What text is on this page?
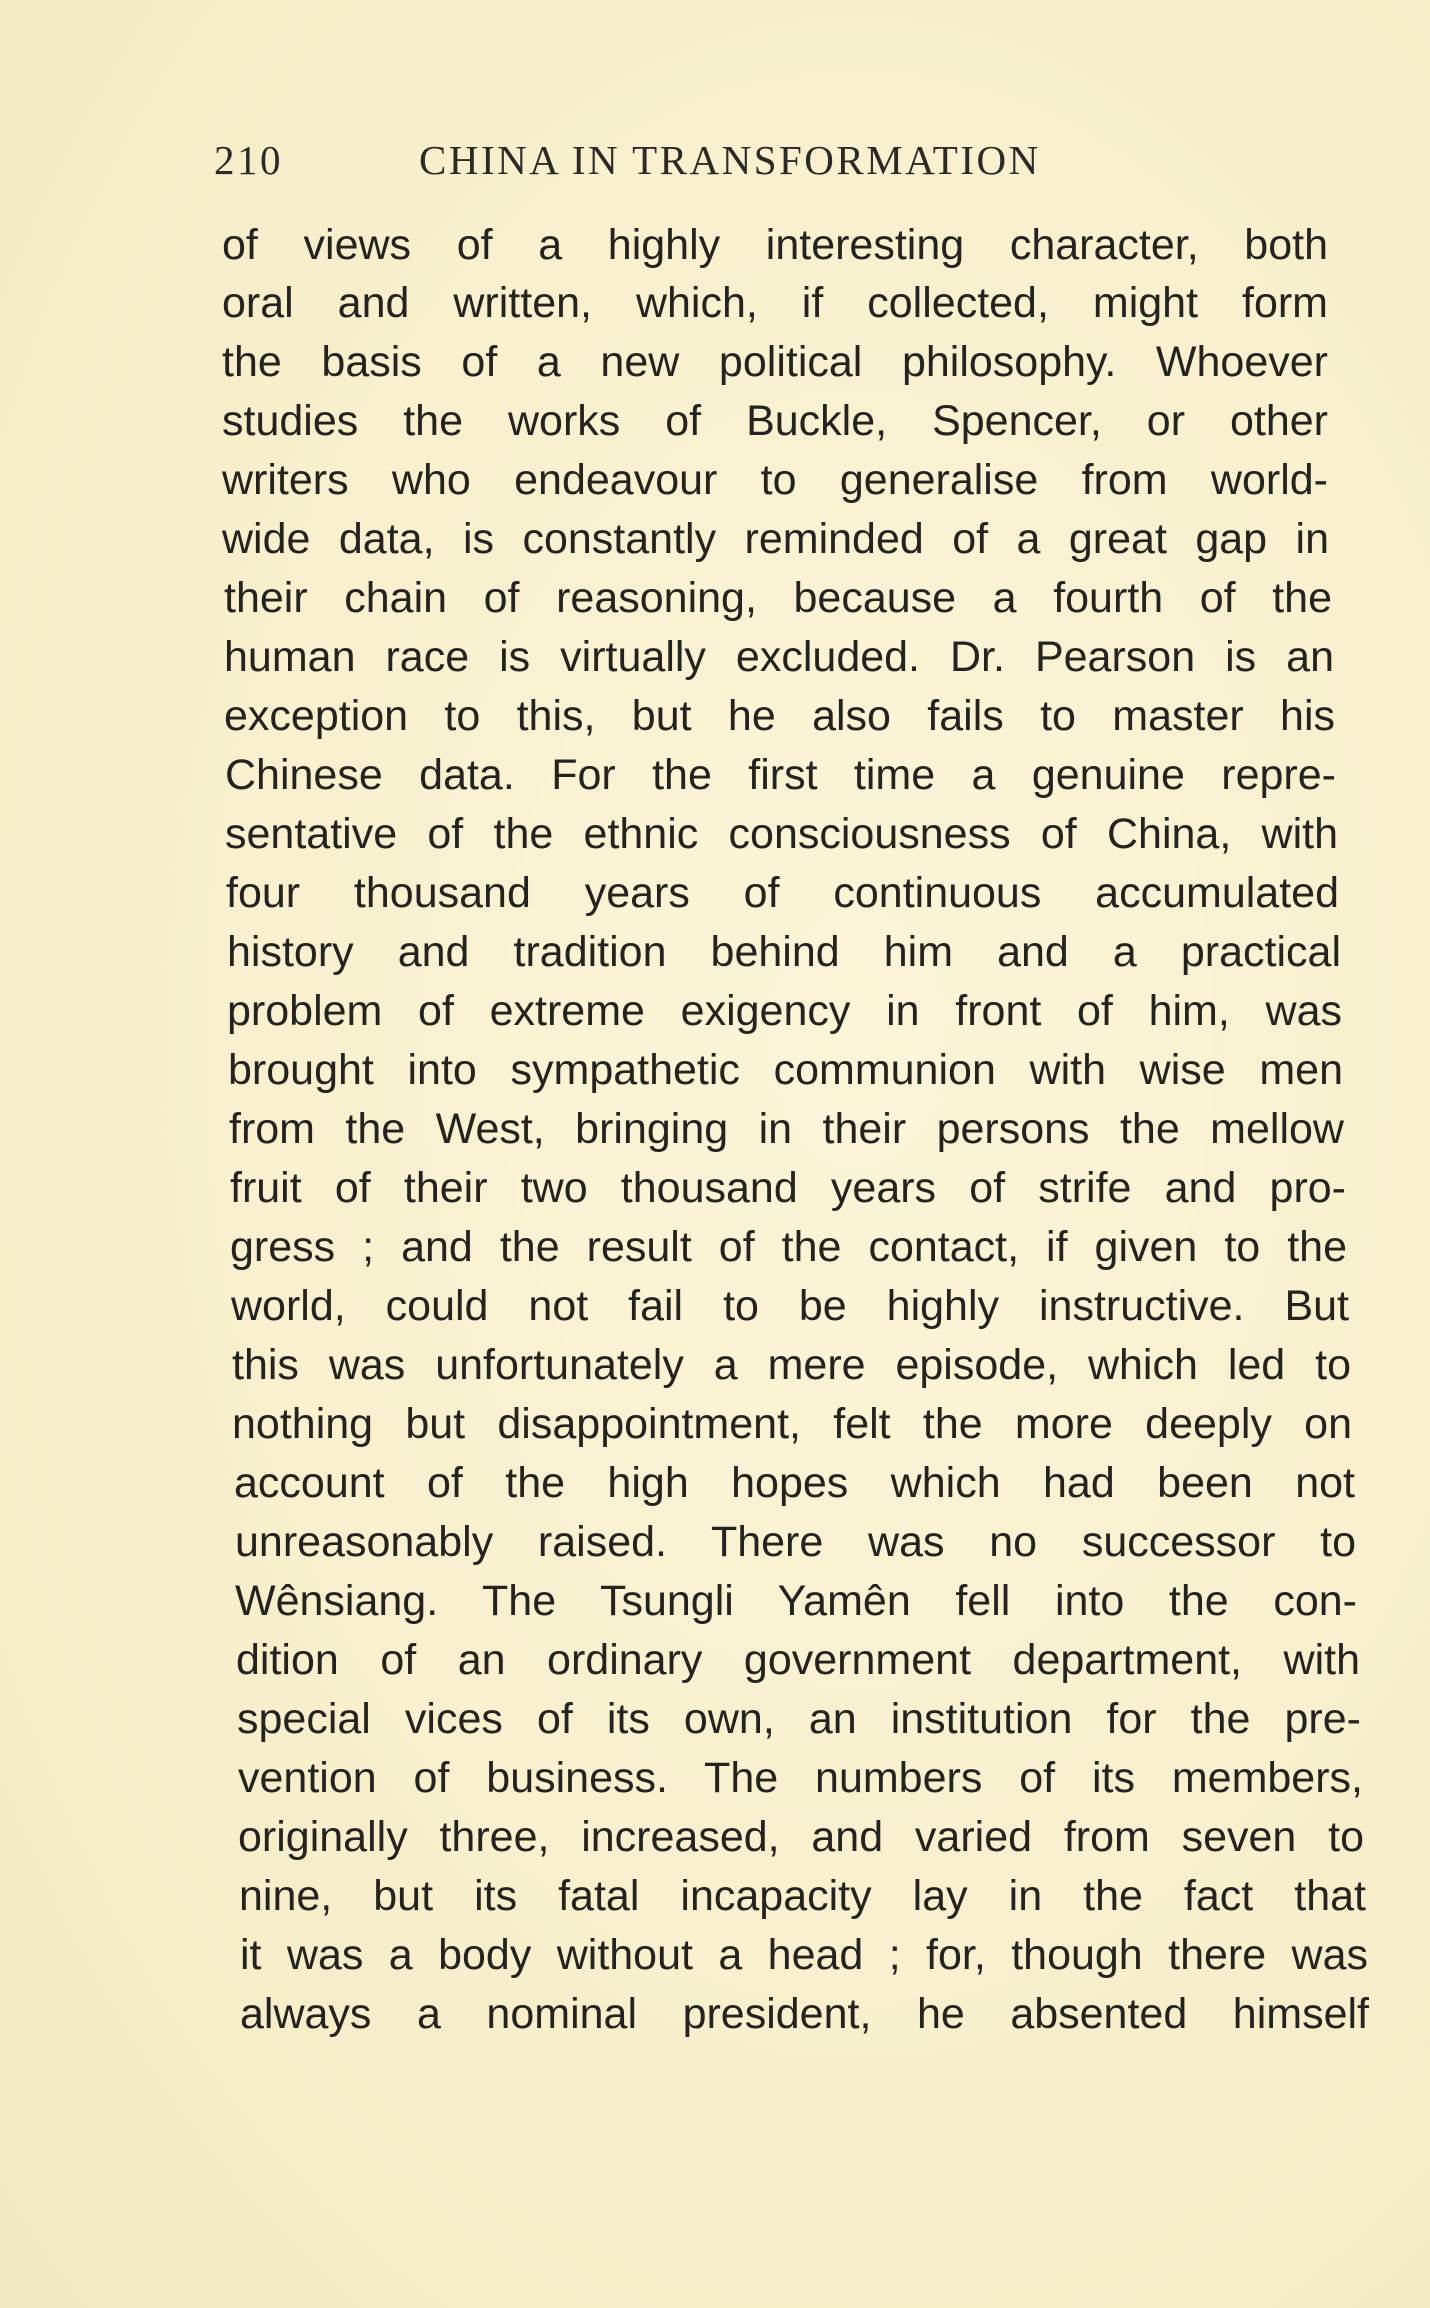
210	CHINA IN TRANSFORMATION
of views of a highly interesting character, both
oral and written, which, if collected, might form
the basis of a new political philosophy. Whoever
studies the works of Buckle, Spencer, or other
writers who endeavour to generalise from world-
wide data, is constantly reminded of a great gap in
their chain of reasoning, because a fourth of the
human race is virtually excluded. Dr. Pearson is an
exception to this, but he also fails to master his
Chinese data. For the first time a genuine repre-
sentative of the ethnic consciousness of China, with
four thousand years of continuous accumulated
history and tradition behind him and a practical
problem of extreme exigency in front of him, was
brought into sympathetic communion with wise men
from the West, bringing in their persons the mellow
fruit of their two thousand years of strife and pro-
gress ; and the result of the contact, if given to the
world, could not fail to be highly instructive. But
this was unfortunately a mere episode, which led to
nothing but disappointment, felt the more deeply on
account of the high hopes which had been not
unreasonably raised. There was no successor to
Wênsiang. The Tsungli Yamên fell into the con-
dition of an ordinary government department, with
special vices of its own, an institution for the pre-
vention of business. The numbers of its members,
originally three, increased, and varied from seven to
nine, but its fatal incapacity lay in the fact that
it was a body without a head ; for, though there was
always a nominal president, he absented himself
